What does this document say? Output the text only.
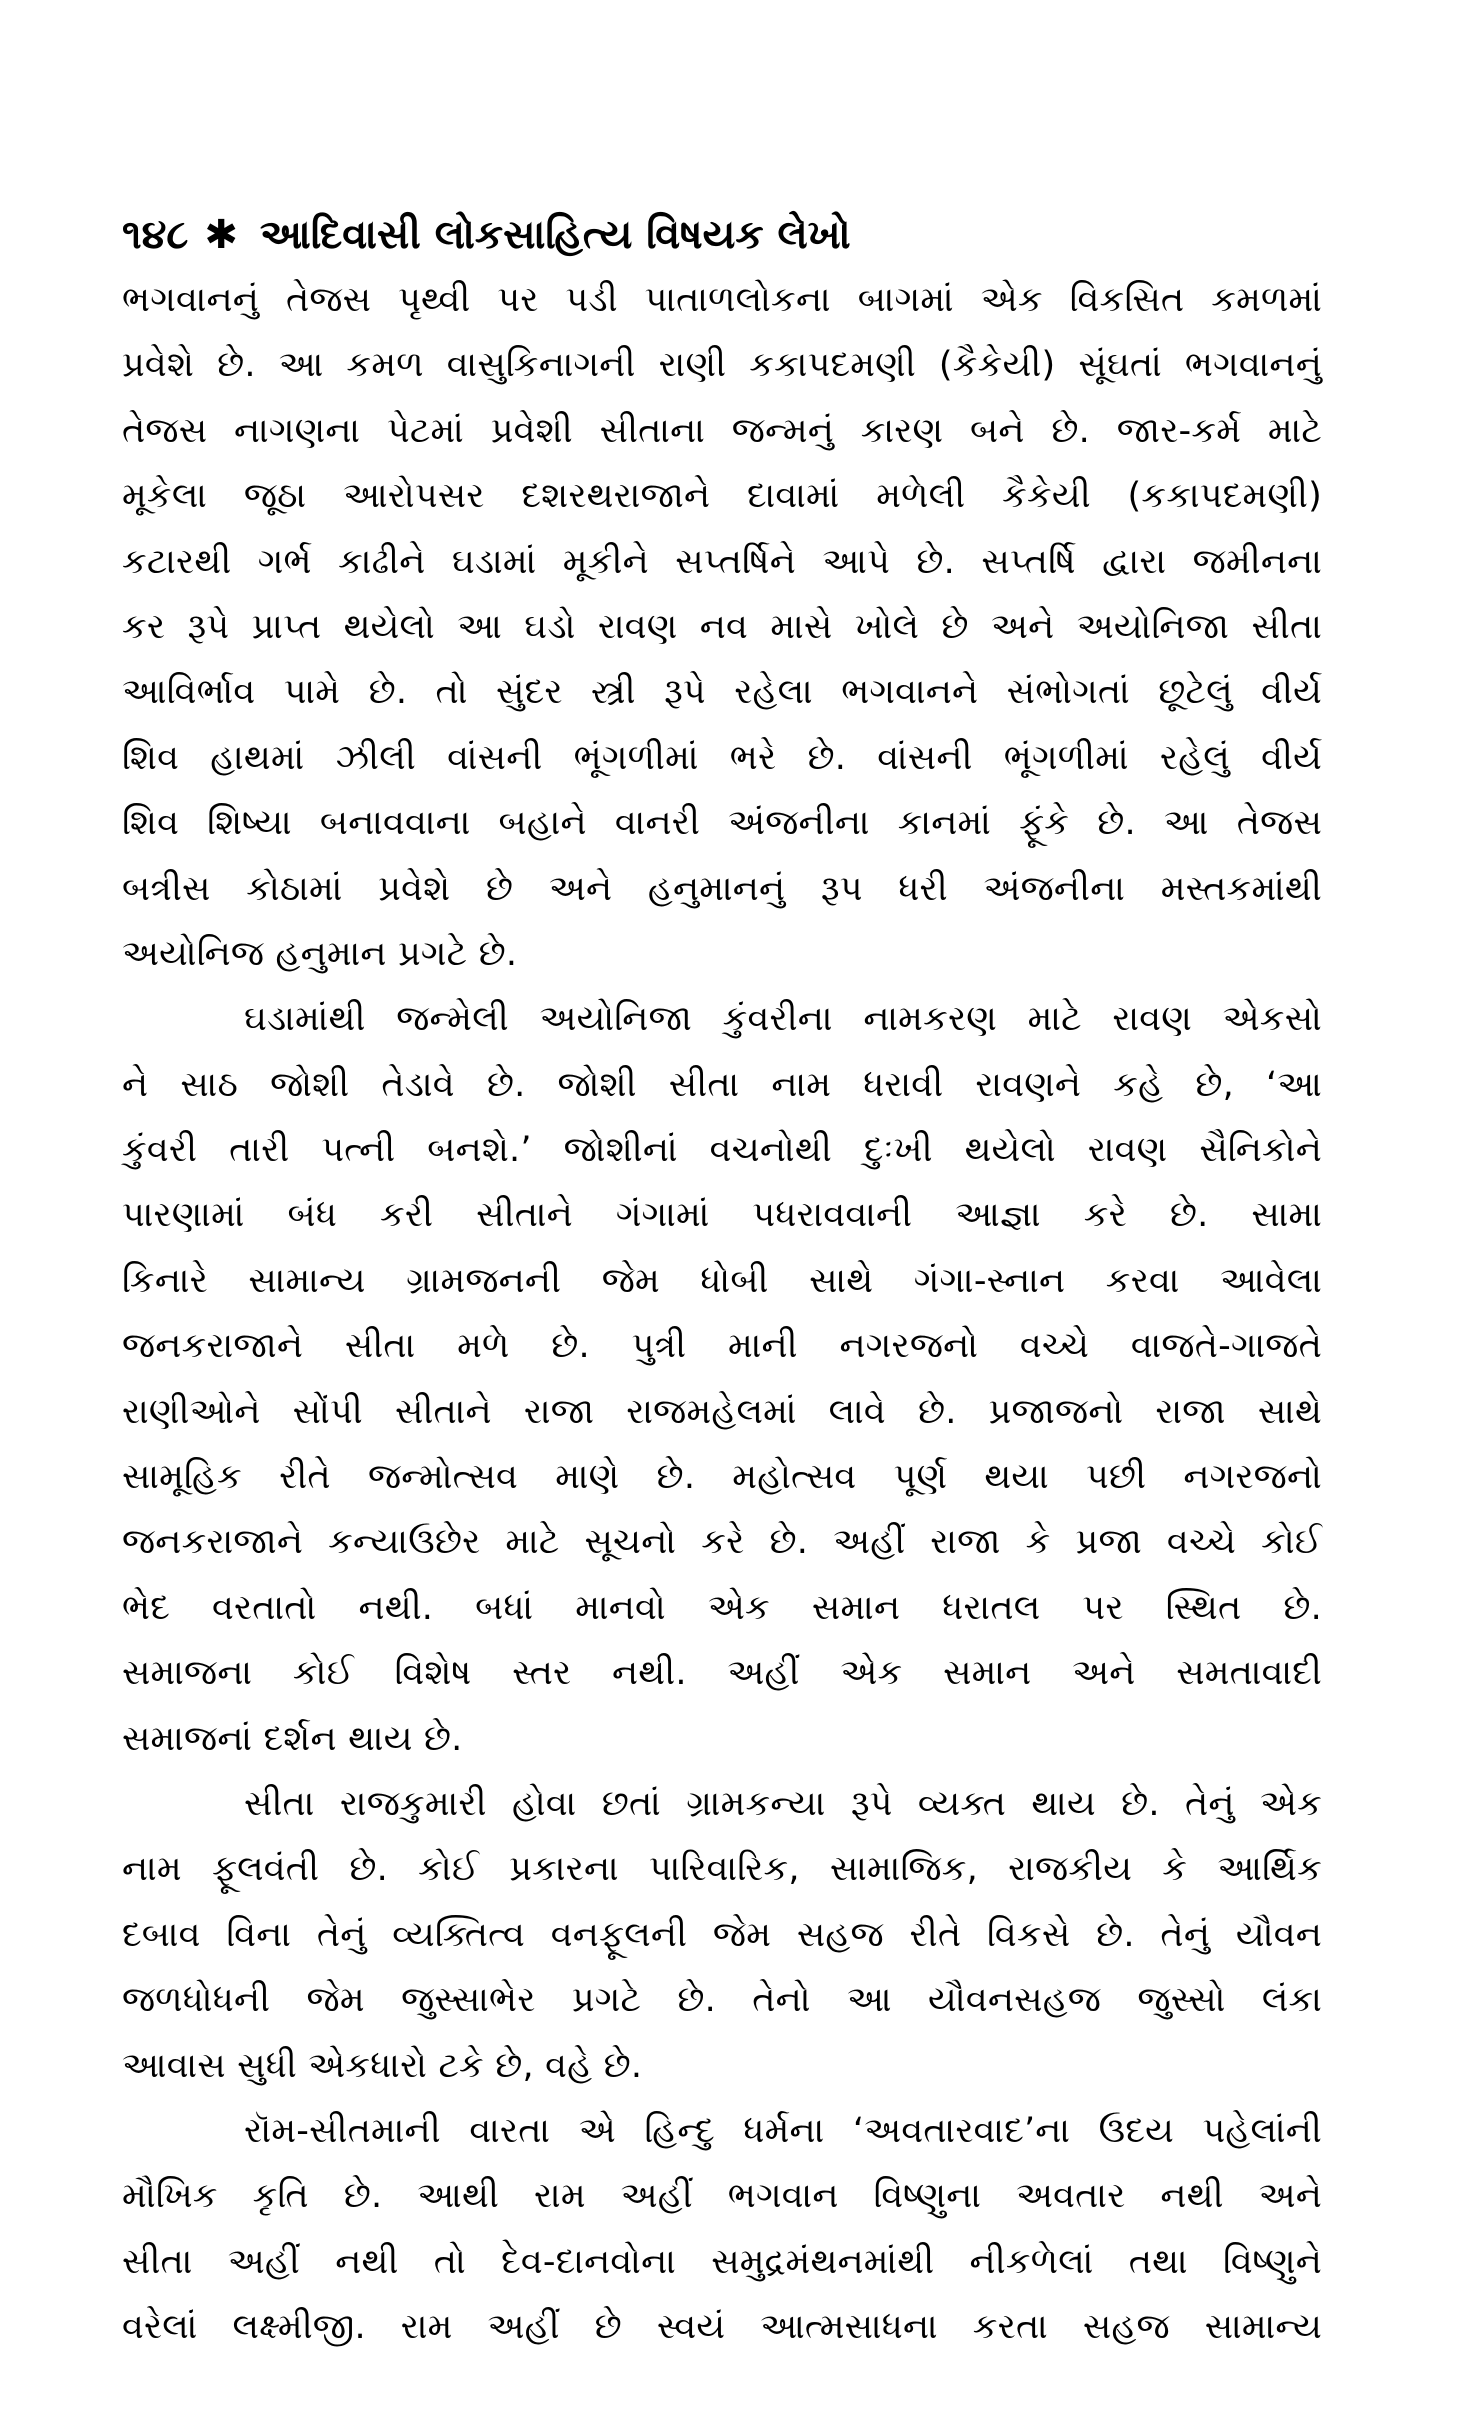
૧૪૮ ✱ આદિવાસી લોકસાહિત્ય વિષયક લેખો
ભગવાનનું તેજસ પૃથ્વી પર પડી પાતાળલોકના બાગમાં એક વિકસિત કમળમાં
પ્રવેશે છે. આ કમળ વાસુકિનાગની રાણી કકાપદમણી (કૈકેયી) સૂંઘતાં ભગવાનનું
તેજસ નાગણના પેટમાં પ્રવેશી સીતાના જન્મનું કારણ બને છે. જાર-કર્મ માટે
મૂકેલા જૂઠા આરોપસર દશરથરાજાને દાવામાં મળેલી કૈકેયી (કકાપદમણી)
કટારથી ગર્ભ કાઢીને ઘડામાં મૂકીને સપ્તર્ષિને આપે છે. સપ્તર્ષિ દ્વારા જમીનના
કર રૂપે પ્રાપ્ત થયેલો આ ઘડો રાવણ નવ માસે ખોલે છે અને અયોનિજા સીતા
આવિર્ભાવ પામે છે. તો સુંદર સ્ત્રી રૂપે રહેલા ભગવાનને સંભોગતાં છૂટેલું વીર્ય
શિવ હાથમાં ઝીલી વાંસની ભૂંગળીમાં ભરે છે. વાંસની ભૂંગળીમાં રહેલું વીર્ય
શિવ શિષ્યા બનાવવાના બહાને વાનરી અંજનીના કાનમાં ફૂંકે છે. આ તેજસ
બત્રીસ કોઠામાં પ્રવેશે છે અને હનુમાનનું રૂપ ધરી અંજનીના મસ્તકમાંથી
અયોનિજ હનુમાન પ્રગટે છે.
ઘડામાંથી જન્મેલી અયોનિજા કુંવરીના નામકરણ માટે રાવણ એકસો
ને સાઠ જોશી તેડાવે છે. જોશી સીતા નામ ધરાવી રાવણને કહે છે, ‘આ
કુંવરી તારી પત્ની બનશે.’ જોશીનાં વચનોથી દુઃખી થયેલો રાવણ સૈનિકોને
પારણામાં બંધ કરી સીતાને ગંગામાં પધરાવવાની આજ્ઞા કરે છે. સામા
કિનારે સામાન્ય ગ્રામજનની જેમ ધોબી સાથે ગંગા-સ્નાન કરવા આવેલા
જનકરાજાને સીતા મળે છે. પુત્રી માની નગરજનો વચ્ચે વાજતે-ગાજતે
રાણીઓને સોંપી સીતાને રાજા રાજમહેલમાં લાવે છે. પ્રજાજનો રાજા સાથે
સામૂહિક રીતે જન્મોત્સવ માણે છે. મહોત્સવ પૂર્ણ થયા પછી નગરજનો
જનકરાજાને કન્યાઉછેર માટે સૂચનો કરે છે. અહીં રાજા કે પ્રજા વચ્ચે કોઈ
ભેદ વરતાતો નથી. બધાં માનવો એક સમાન ધરાતલ પર સ્થિત છે.
સમાજના કોઈ વિશેષ સ્તર નથી. અહીં એક સમાન અને સમતાવાદી
સમાજનાં દર્શન થાય છે.
સીતા રાજકુમારી હોવા છતાં ગ્રામકન્યા રૂપે વ્યક્ત થાય છે. તેનું એક
નામ ફૂલવંતી છે. કોઈ પ્રકારના પારિવારિક, સામાજિક, રાજકીય કે આર્થિક
દબાવ વિના તેનું વ્યક્તિત્વ વનફૂલની જેમ સહજ રીતે વિકસે છે. તેનું યૌવન
જળધોધની જેમ જુસ્સાભેર પ્રગટે છે. તેનો આ યૌવનસહજ જુસ્સો લંકા
આવાસ સુધી એકધારો ટકે છે, વહે છે.
રૉમ-સીતમાની વારતા એ હિન્દુ ધર્મના ‘અવતારવાદ’ના ઉદય પહેલાંની
મૌખિક કૃતિ છે. આથી રામ અહીં ભગવાન વિષ્ણુના અવતાર નથી અને
સીતા અહીં નથી તો દેવ-દાનવોના સમુદ્રમંથનમાંથી નીકળેલાં તથા વિષ્ણુને
વરેલાં લક્ષ્મીજી. રામ અહીં છે સ્વયં આત્મસાધના કરતા સહજ સામાન્ય
